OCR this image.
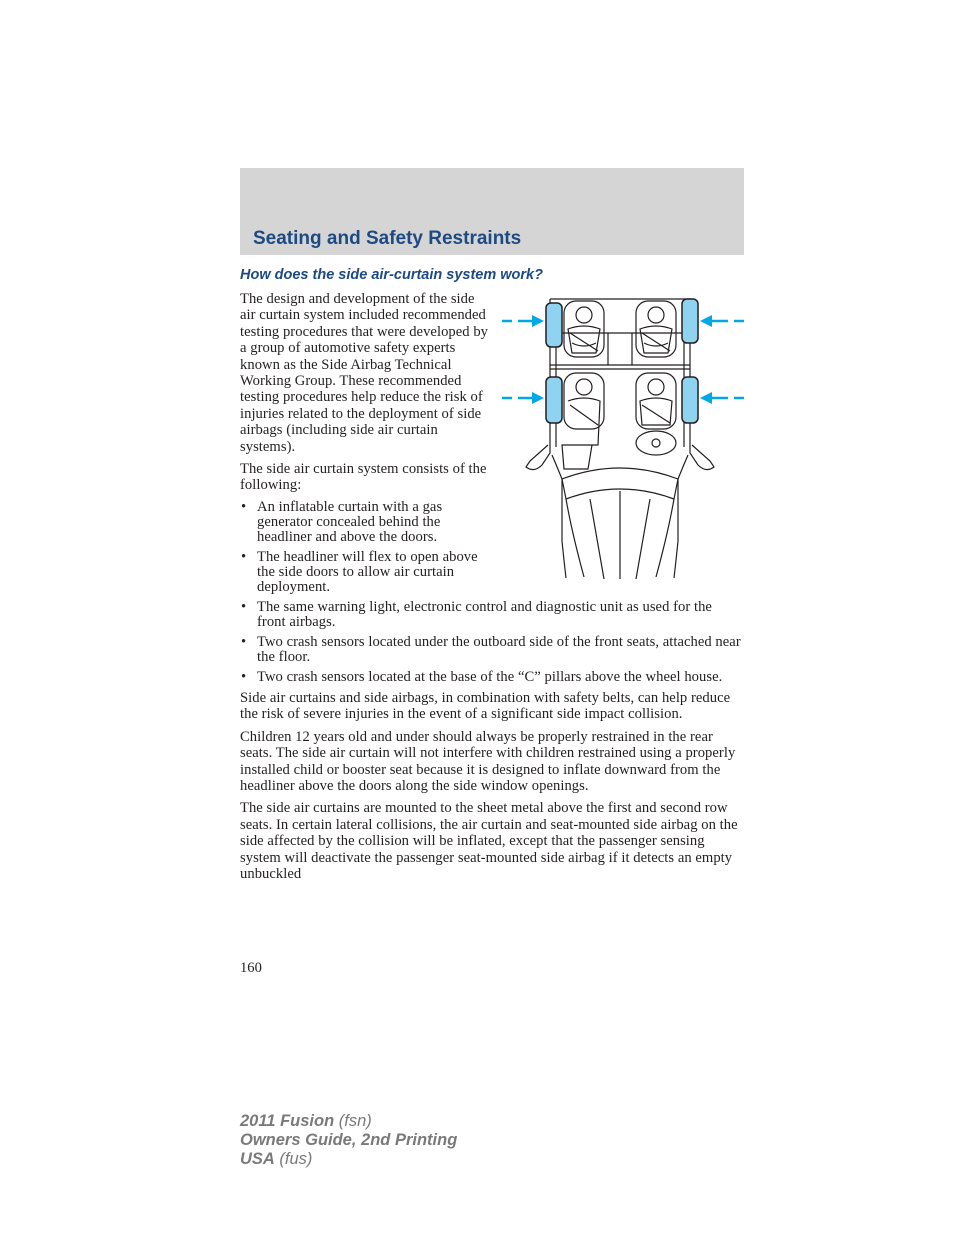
Seating and Safety Restraints
How does the side air-curtain system work?

The design and development of the side air curtain system included recommended testing procedures that were developed by a group of automotive safety experts known as the Side Airbag Technical Working Group. These recommended testing procedures help reduce the risk of injuries related to the deployment of side airbags (including side air curtain systems).

The side air curtain system consists of the following:

• An inflatable curtain with a gas generator concealed behind the headliner and above the doors.
• The headliner will flex to open above the side doors to allow air curtain deployment.
• The same warning light, electronic control and diagnostic unit as used for the front airbags.
• Two crash sensors located under the outboard side of the front seats, attached near the floor.
• Two crash sensors located at the base of the “C” pillars above the wheel house.

Side air curtains and side airbags, in combination with safety belts, can help reduce the risk of severe injuries in the event of a significant side impact collision.

Children 12 years old and under should always be properly restrained in the rear seats. The side air curtain will not interfere with children restrained using a properly installed child or booster seat because it is designed to inflate downward from the headliner above the doors along the side window openings.

The side air curtains are mounted to the sheet metal above the first and second row seats. In certain lateral collisions, the air curtain and seat-mounted side airbag on the side affected by the collision will be inflated, except that the passenger sensing system will deactivate the passenger seat-mounted side airbag if it detects an empty unbuckled

160
2011 Fusion (fsn)
Owners Guide, 2nd Printing
USA (fus)
